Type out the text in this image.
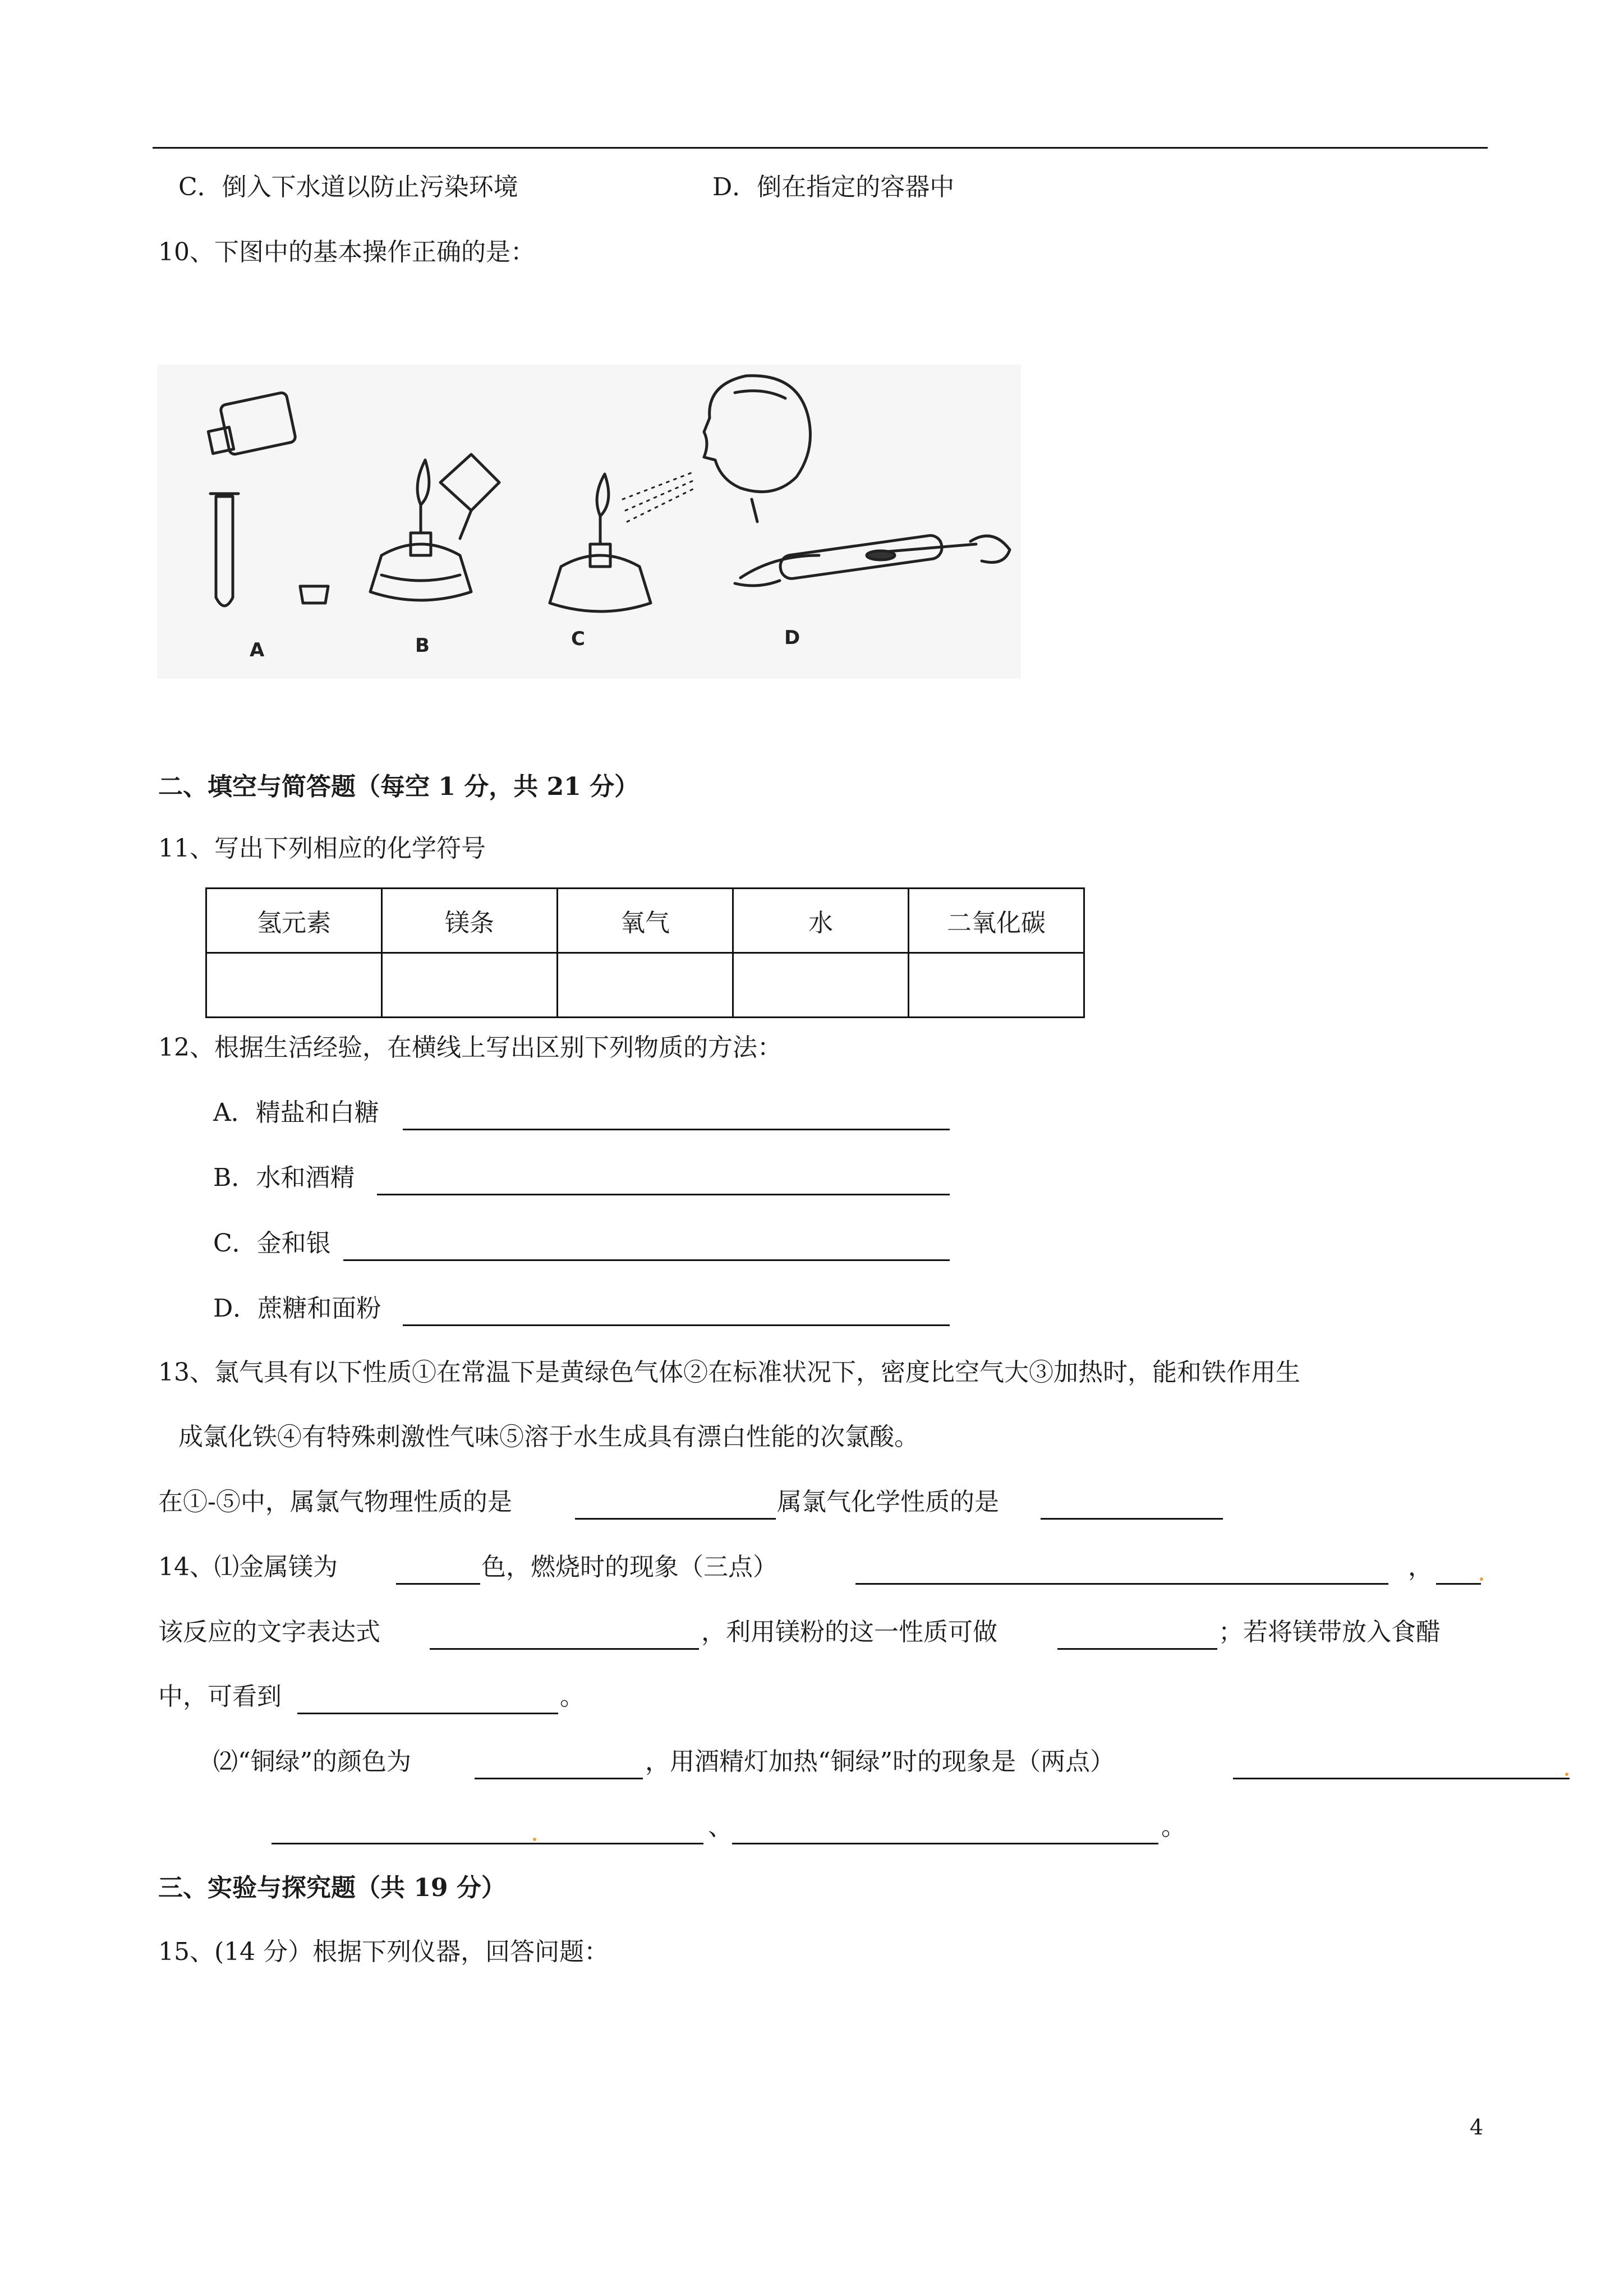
C．倒入下水道以防止污染环境	D．倒在指定的容器中
10、下图中的基本操作正确的是：
A	B	C	D
二、填空与简答题（每空 1 分，共 21 分）
11、写出下列相应的化学符号
氢元素	镁条	氧气	水	二氧化碳

12、根据生活经验，在横线上写出区别下列物质的方法：
A．精盐和白糖
B．水和酒精
C．金和银
D．蔗糖和面粉
13、氯气具有以下性质①在常温下是黄绿色气体②在标准状况下，密度比空气大③加热时，能和铁作用生
成氯化铁④有特殊刺激性气味⑤溶于水生成具有漂白性能的次氯酸。
在①-⑤中，属氯气物理性质的是	属氯气化学性质的是
14、⑴金属镁为	色，燃烧时的现象（三点）	，
该反应的文字表达式	，利用镁粉的这一性质可做	；若将镁带放入食醋
中，可看到	。
⑵“铜绿”的颜色为	，用酒精灯加热“铜绿”时的现象是（两点）
、	。
三、实验与探究题（共 19 分）
15、(14 分）根据下列仪器，回答问题：
4
